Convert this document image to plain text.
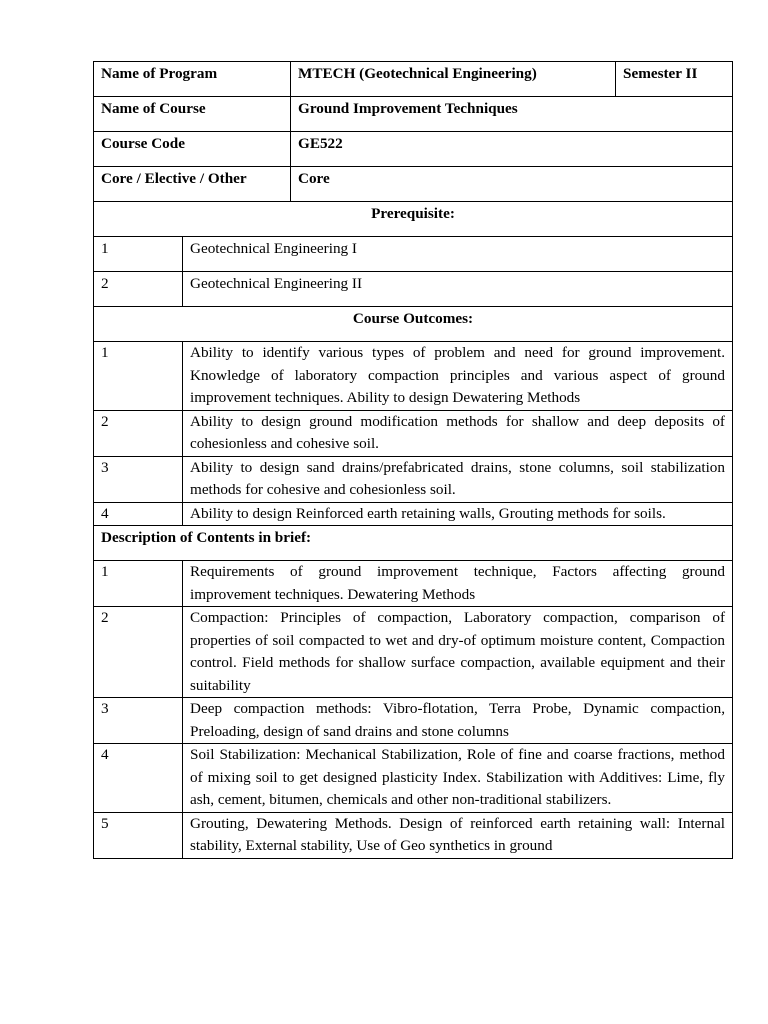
Name of Program		MTECH (Geotechnical Engineering)	Semester II
Name of Course		Ground Improvement Techniques	
Course Code		GE522	
Core / Elective / Other		Core	
Prerequisite:			
1	Geotechnical Engineering I		
2	Geotechnical Engineering II		
Course Outcomes:			
1	Ability to identify various types of problem and need for ground improvement. Knowledge of laboratory compaction principles and various aspect of ground improvement techniques. Ability to design Dewatering Methods		
2	Ability to design ground modification methods for shallow and deep deposits of cohesionless and cohesive soil.		
3	Ability to design sand drains/prefabricated drains, stone columns, soil stabilization methods for cohesive and cohesionless soil.		
4	Ability to design Reinforced earth retaining walls, Grouting methods for soils.		
Description of Contents in brief:			
1	Requirements of ground improvement technique, Factors affecting ground improvement techniques. Dewatering Methods		
2	Compaction: Principles of compaction, Laboratory compaction, comparison of properties of soil compacted to wet and dry-of optimum moisture content, Compaction control. Field methods for shallow surface compaction, available equipment and their suitability		
3	Deep compaction methods: Vibro-flotation, Terra Probe, Dynamic compaction, Preloading, design of sand drains and stone columns		
4	Soil Stabilization: Mechanical Stabilization, Role of fine and coarse fractions, method of mixing soil to get designed plasticity Index. Stabilization with Additives: Lime, fly ash, cement, bitumen, chemicals and other non-traditional stabilizers.		
5	Grouting, Dewatering Methods. Design of reinforced earth retaining wall: Internal stability, External stability, Use of Geo synthetics in ground		
